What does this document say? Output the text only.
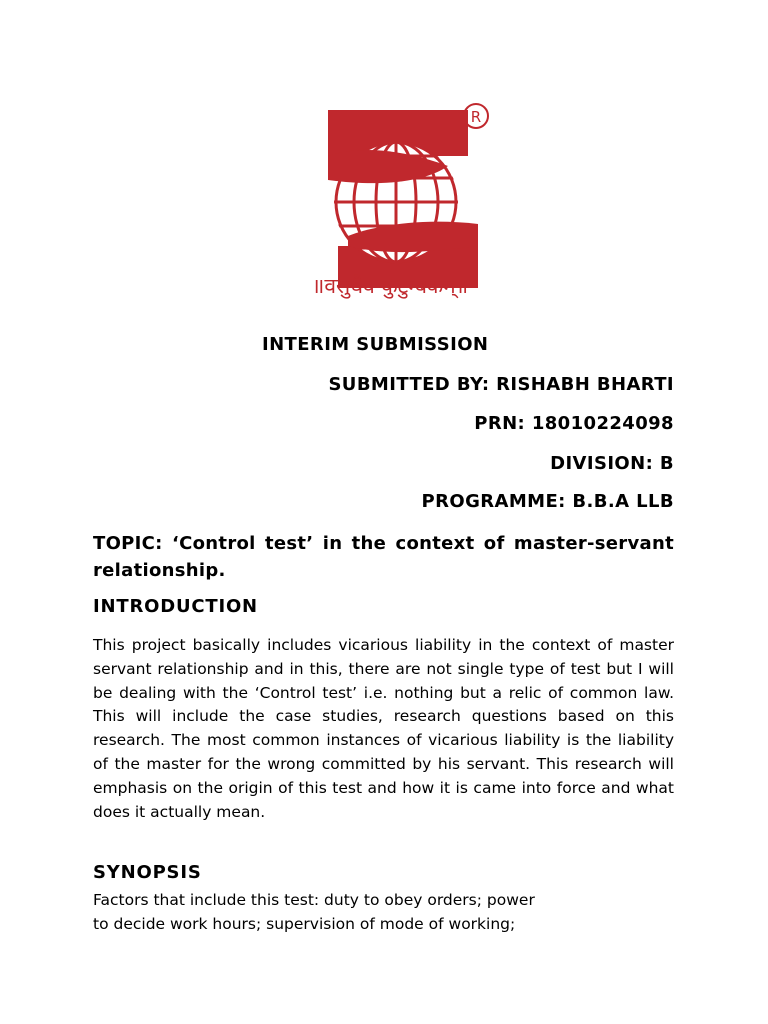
R
॥वसुधैव कुटुम्बकम्॥
INTERIM SUBMISSION
SUBMITTED BY: RISHABH BHARTI
PRN: 18010224098
DIVISION: B
PROGRAMME: B.B.A LLB
TOPIC: ‘Control test’ in the context of master-servant relationship.
INTRODUCTION

This project basically includes vicarious liability in the context of master servant relationship and in this, there are not single type of test but I will be dealing with the ‘Control test’ i.e. nothing but a relic of common law. This will include the case studies, research questions based on this research. The most common instances of vicarious liability is the liability of the master for the wrong committed by his servant. This research will emphasis on the origin of this test and how it is came into force and what does it actually mean.

SYNOPSIS

Factors that include this test: duty to obey orders; power

to decide work hours; supervision of mode of working;
